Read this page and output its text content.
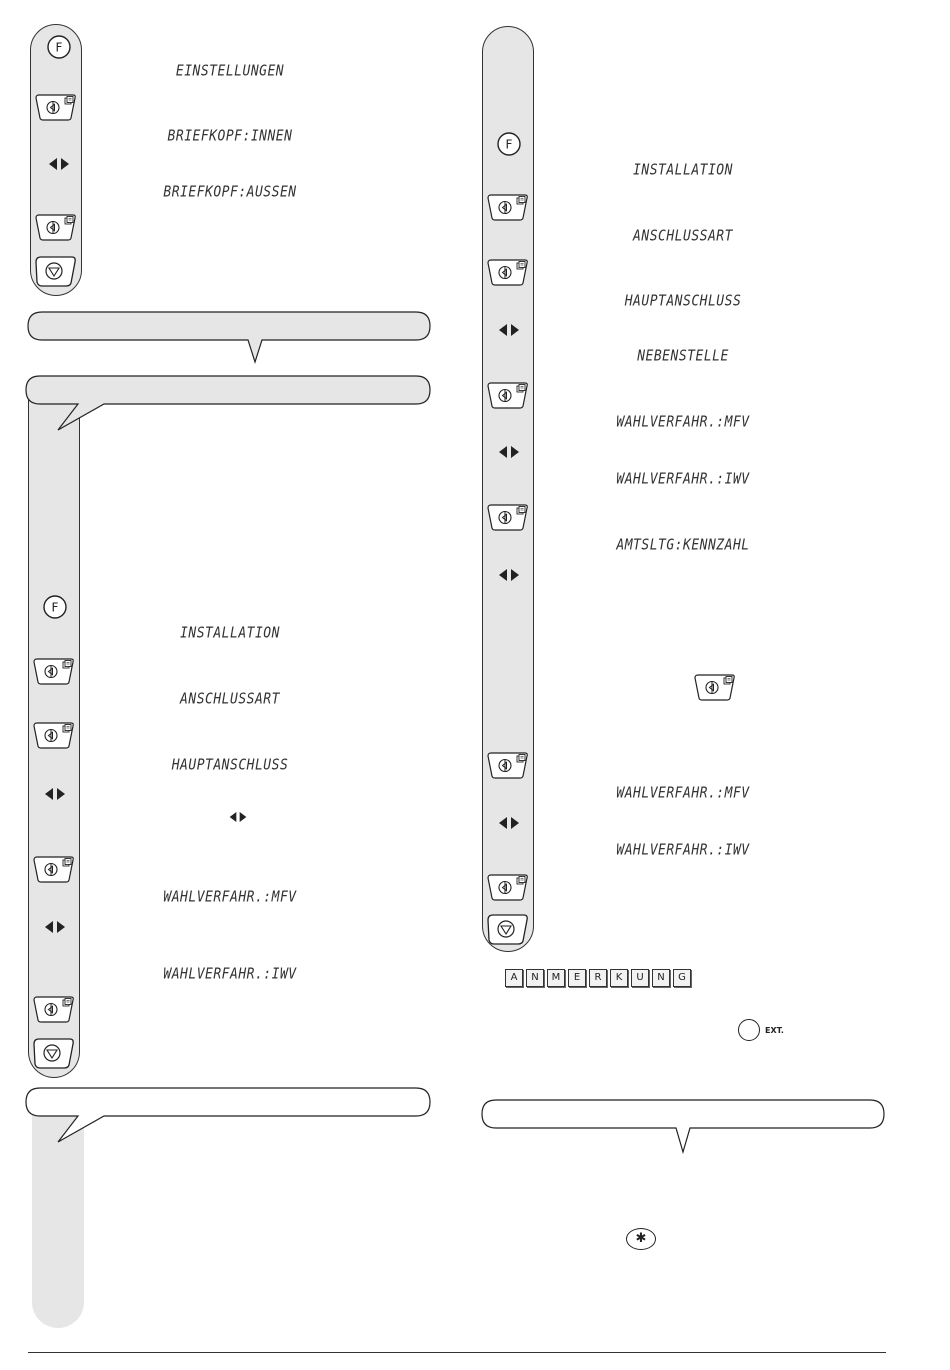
EINSTELLUNGEN
BRIEFKOPF:INNEN
BRIEFKOPF:AUSSEN
INSTALLATION
ANSCHLUSSART
HAUPTANSCHLUSS
WAHLVERFAHR.:MFV
WAHLVERFAHR.:IWV
INSTALLATION
ANSCHLUSSART
HAUPTANSCHLUSS
NEBENSTELLE
WAHLVERFAHR.:MFV
WAHLVERFAHR.:IWV
AMTSLTG:KENNZAHL
WAHLVERFAHR.:MFV
WAHLVERFAHR.:IWV
A	N	M	E	R	K	U	N	G
EXT.
✱
